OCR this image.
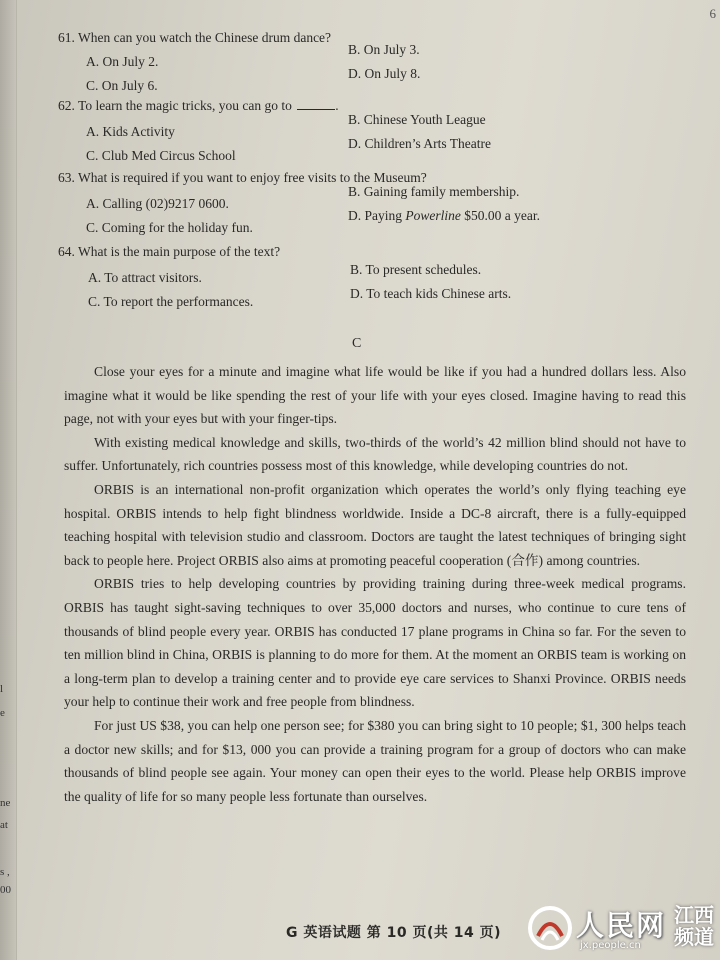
l
e
ne
at
s ,
00
6
61. When can you watch the Chinese drum dance?
B. On July 3.
A. On July 2.
D. On July 8.
C. On July 6.
62. To learn the magic tricks, you can go to	.
B. Chinese Youth League
A. Kids Activity
D. Children’s Arts Theatre
C. Club Med Circus School
63. What is required if you want to enjoy free visits to the Museum?
B. Gaining family membership.
A. Calling (02)9217 0600.
D. Paying Powerline $50.00 a year.
C. Coming for the holiday fun.
64. What is the main purpose of the text?
A. To attract visitors.
B. To present schedules.
C. To report the performances.
D. To teach kids Chinese arts.
C

Close your eyes for a minute and imagine what life would be like if you had a hundred dollars less. Also imagine what it would be like spending the rest of your life with your eyes closed. Imagine having to read this page, not with your eyes but with your finger-tips.

With existing medical knowledge and skills, two-thirds of the world’s 42 million blind should not have to suffer. Unfortunately, rich countries possess most of this knowledge, while developing countries do not.

ORBIS is an international non-profit organization which operates the world’s only flying teaching eye hospital. ORBIS intends to help fight blindness worldwide. Inside a DC-8 aircraft, there is a fully-equipped teaching hospital with television studio and classroom. Doctors are taught the latest techniques of bringing sight back to people here. Project ORBIS also aims at promoting peaceful cooperation (合作) among countries.

ORBIS tries to help developing countries by providing training during three-week medical programs. ORBIS has taught sight-saving techniques to over 35,000 doctors and nurses, who continue to cure tens of thousands of blind people every year. ORBIS has conducted 17 plane programs in China so far. For the seven to ten million blind in China, ORBIS is planning to do more for them. At the moment an ORBIS team is working on a long-term plan to develop a training center and to provide eye care services to Shanxi Province. ORBIS needs your help to continue their work and free people from blindness.

For just US $38, you can help one person see; for $380 you can bring sight to 10 people; $1, 300 helps teach a doctor new skills; and for $13, 000 you can provide a training program for a group of doctors who can make thousands of blind people see again. Your money can open their eyes to the world. Please help ORBIS improve the quality of life for so many people less fortunate than ourselves.

G 英语试题 第 10 页(共 14 页)	人民网
jx.people.cn
江西频道
